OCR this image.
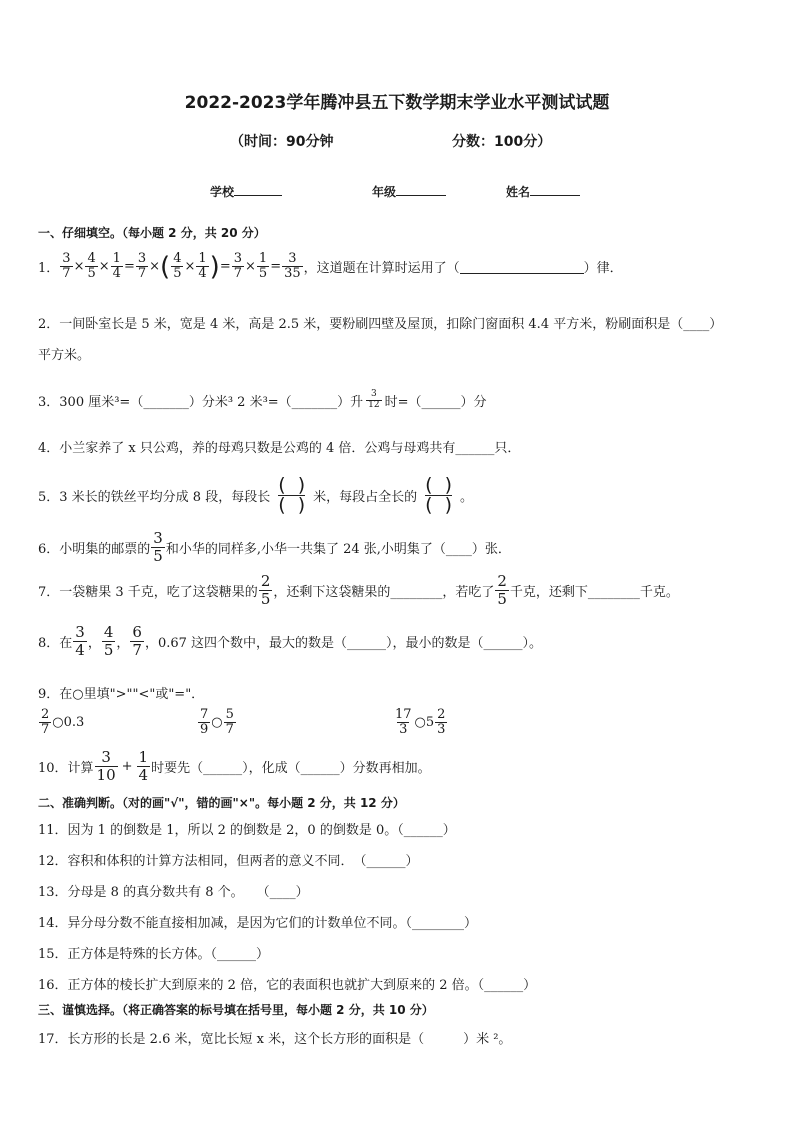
2022-2023学年腾冲县五下数学期末学业水平测试试题
（时间：90分钟	分数：100分）
学校	年级	姓名
一、仔细填空。（每小题 2 分，共 20 分）
1． $\frac{3}{7} \times \frac{4}{5} \times \frac{1}{4} = \frac{3}{7}$ × ( $\frac{4}{5} \times \frac{1}{4}$ ) = $\frac{3}{7} \times \frac{1}{5} = \frac{3}{35}$ ，这道题在计算时运用了（	）律．
2．一间卧室长是 5 米，宽是 4 米，高是 2.5 米，要粉刷四壁及屋顶，扣除门窗面积 4.4 平方米，粉刷面积是（____）
平方米。
3．300 厘米³=（_______）分米³ 2 米³=（_______）升 $\frac{3}{12}$ 时=（______）分
4．小兰家养了 x 只公鸡，养的母鸡只数是公鸡的 4 倍．公鸡与母鸡共有______只．
5．3 米长的铁丝平均分成 8 段，每段长
(  )
(  ) 米，每段占全长的
(  )
(  ) 。
6．小明集的邮票的 $\frac{3}{5}$ 和小华的同样多,小华一共集了 24 张,小明集了（____）张．
7．一袋糖果 3 千克，吃了这袋糖果的 $\frac{2}{5}$ ，还剩下这袋糖果的________，若吃了 $\frac{2}{5}$ 千克，还剩下________千克。
8．在 $\frac{3}{4}$ ， $\frac{4}{5}$ ， $\frac{6}{7}$ ，0.67 这四个数中，最大的数是（______），最小的数是（______）。
9．在○里填">""<"或"="．
$\frac{2}{7}$ ○0.3	$\frac{7}{9}$ ○ $\frac{5}{7}$	$\frac{17}{3}$ ○5 $\frac{2}{3}$
10．计算 $\frac{3}{10} + \frac{1}{4}$ 时要先（______），化成（______）分数再相加。
二、准确判断。（对的画"√"，错的画"×"。每小题 2 分，共 12 分）
11．因为 1 的倒数是 1，所以 2 的倒数是 2，0 的倒数是 0。（______）
12．容积和体积的计算方法相同，但两者的意义不同．　（______）
13．分母是 8 的真分数共有 8 个。　　（____）
14．异分母分数不能直接相加减，是因为它们的计数单位不同。（________）
15．正方体是特殊的长方体。（______）
16．正方体的棱长扩大到原来的 2 倍，它的表面积也就扩大到原来的 2 倍。（______）
三、谨慎选择。（将正确答案的标号填在括号里，每小题 2 分，共 10 分）
17．长方形的长是 2.6 米，宽比长短 x 米，这个长方形的面积是（　　　）米 ²。
